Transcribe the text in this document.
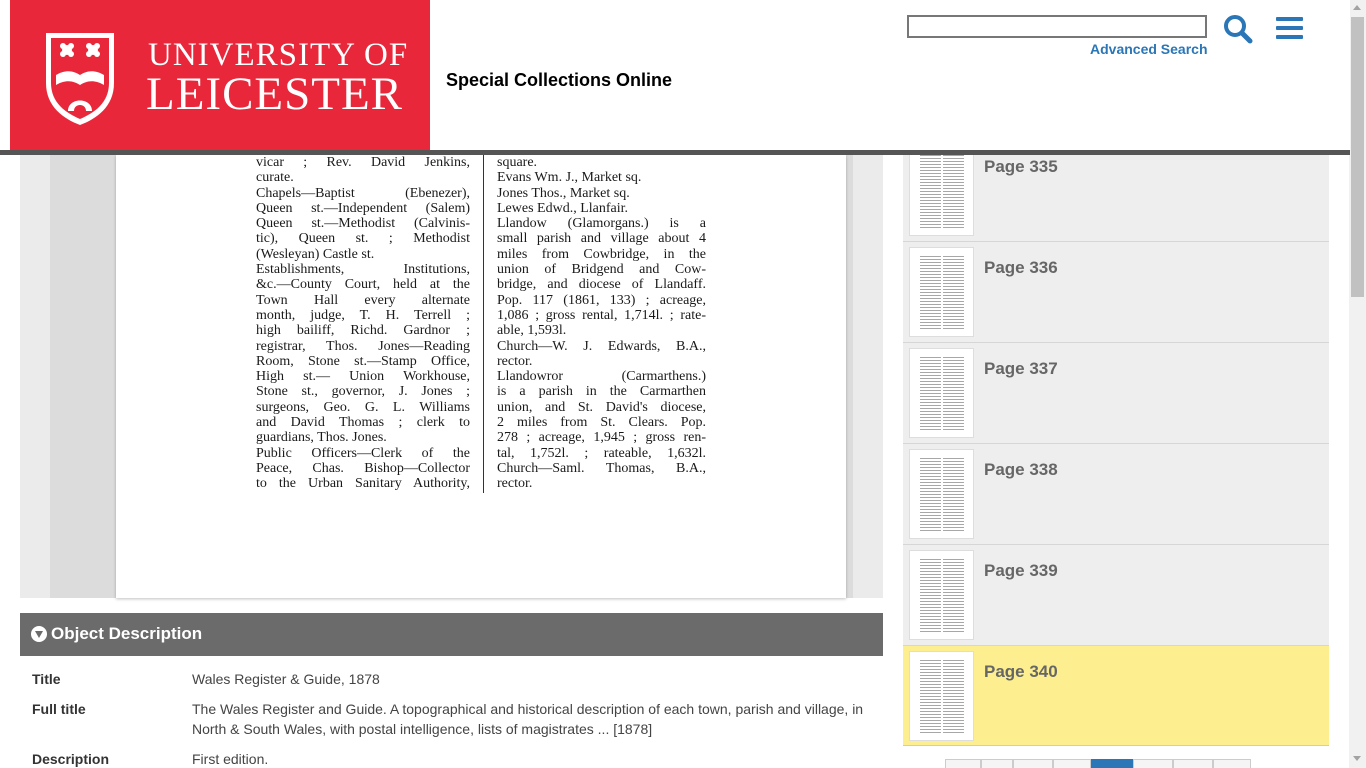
UNIVERSITY OF
LEICESTER Special Collections Online
Advanced Search
vicar ; Rev. David Jenkins,
curate.
Chapels—Baptist (Ebenezer),
Queen st.—Independent (Salem)
Queen st.—Methodist (Calvinis-
tic), Queen st. ; Methodist
(Wesleyan) Castle st.
Establishments, Institutions,
&c.—County Court, held at the
Town Hall every alternate
month, judge, T. H. Terrell ;
high bailiff, Richd. Gardnor ;
registrar, Thos. Jones—Reading
Room, Stone st.—Stamp Office,
High st.— Union Workhouse,
Stone st., governor, J. Jones ;
surgeons, Geo. G. L. Williams
and David Thomas ; clerk to
guardians, Thos. Jones.
Public Officers—Clerk of the
Peace, Chas. Bishop—Collector
to the Urban Sanitary Authority,
square.
Evans Wm. J., Market sq.
Jones Thos., Market sq.
Lewes Edwd., Llanfair.
Llandow (Glamorgans.) is a
small parish and village about 4
miles from Cowbridge, in the
union of Bridgend and Cow-
bridge, and diocese of Llandaff.
Pop. 117 (1861, 133) ; acreage,
1,086 ; gross rental, 1,714l. ; rate-
able, 1,593l.
Church—W. J. Edwards, B.A.,
rector.
Llandowror (Carmarthens.)
is a parish in the Carmarthen
union, and St. David's diocese,
2 miles from St. Clears. Pop.
278 ; acreage, 1,945 ; gross ren-
tal, 1,752l. ; rateable, 1,632l.
Church—Saml. Thomas, B.A.,
rector.
Object Description
Title	Wales Register & Guide, 1878
Full title	The Wales Register and Guide. A topographical and historical description of each town, parish and village, in North & South Wales, with postal intelligence, lists of magistrates ... [1878]
Description	First edition.
Page 335
Page 336
Page 337
Page 338
Page 339
Page 340
